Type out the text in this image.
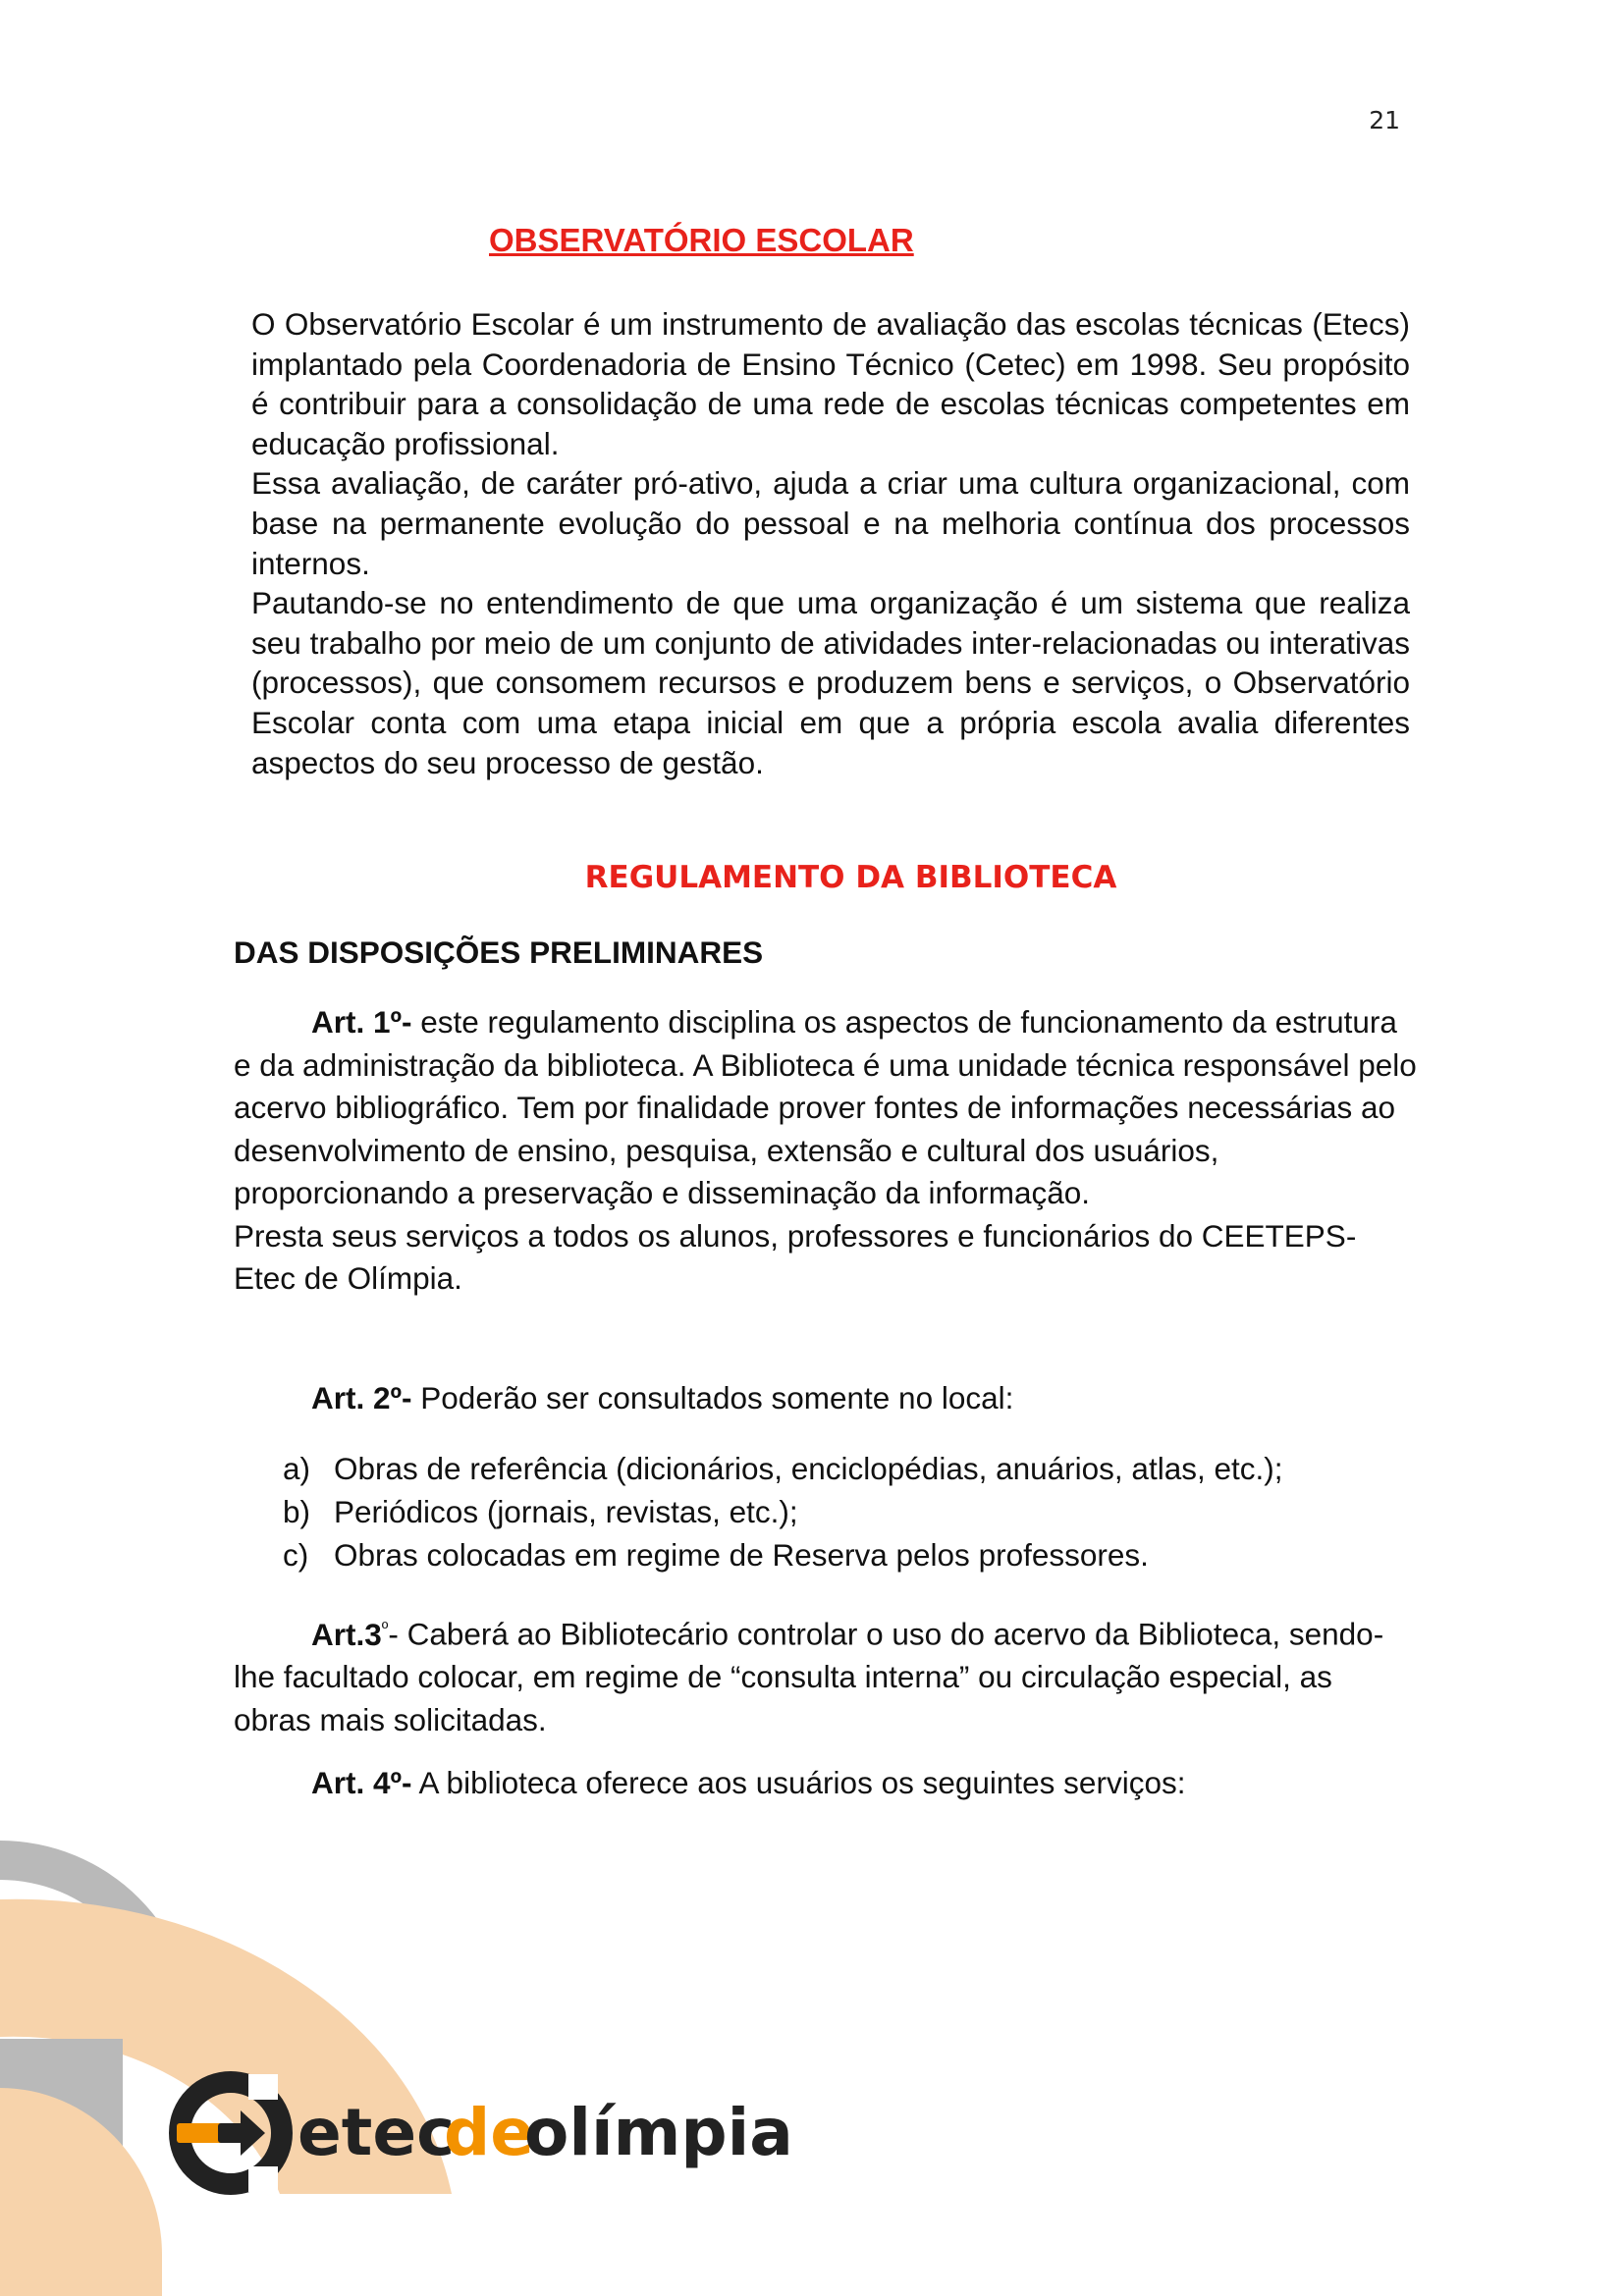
21
OBSERVATÓRIO ESCOLAR

O Observatório Escolar é um instrumento de avaliação das escolas técnicas (Etecs) implantado pela Coordenadoria de Ensino Técnico (Cetec) em 1998. Seu propósito é contribuir para a consolidação de uma rede de escolas técnicas competentes em educação profissional.

Essa avaliação, de caráter pró-ativo, ajuda a criar uma cultura organizacional, com base na permanente evolução do pessoal e na melhoria contínua dos processos internos.

Pautando-se no entendimento de que uma organização é um sistema que realiza seu trabalho por meio de um conjunto de atividades inter-relacionadas ou interativas (processos), que consomem recursos e produzem bens e serviços, o Observatório Escolar conta com uma etapa inicial em que a própria escola avalia diferentes aspectos do seu processo de gestão.

REGULAMENTO DA BIBLIOTECA
DAS DISPOSIÇÕES PRELIMINARES
Art. 1º- este regulamento disciplina os aspectos de funcionamento da estrutura e da administração da biblioteca. A Biblioteca é uma unidade técnica responsável pelo acervo bibliográfico. Tem por finalidade prover fontes de informações necessárias ao desenvolvimento de ensino, pesquisa, extensão e cultural dos usuários, proporcionando a preservação e disseminação da informação.
Presta seus serviços a todos os alunos, professores e funcionários do CEETEPS-Etec de Olímpia.
Art. 2º- Poderão ser consultados somente no local:
a) Obras de referência (dicionários, enciclopédias, anuários, atlas, etc.);
b) Periódicos (jornais, revistas, etc.);
c) Obras colocadas em regime de Reserva pelos professores.
$Art.3^º-$ Caberá ao Bibliotecário controlar o uso do acervo da Biblioteca, sendo-lhe facultado colocar, em regime de “consulta interna” ou circulação especial, as obras mais solicitadas.
Art. 4º- A biblioteca oferece aos usuários os seguintes serviços:
etec
de
olímpia
